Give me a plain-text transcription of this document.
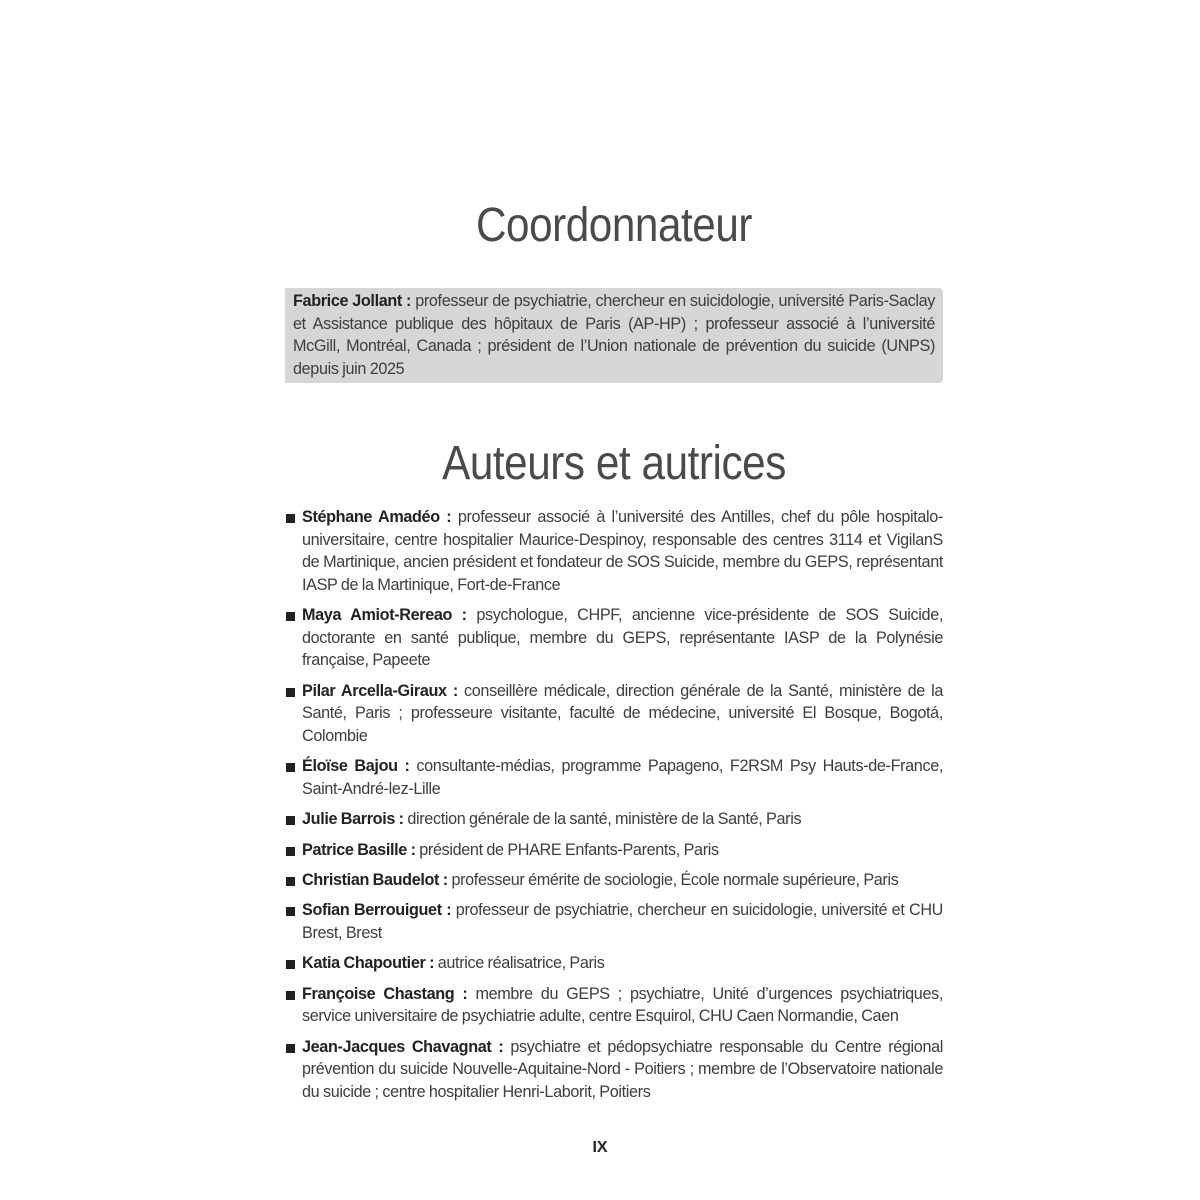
Coordonnateur
Fabrice Jollant : professeur de psychiatrie, chercheur en suicidologie, université Paris-Saclay et Assistance publique des hôpitaux de Paris (AP-HP) ; professeur associé à l’université McGill, Montréal, Canada ; président de l’Union nationale de prévention du suicide (UNPS) depuis juin 2025
Auteurs et autrices
Stéphane Amadéo : professeur associé à l’université des Antilles, chef du pôle hospitalo-universitaire, centre hospitalier Maurice-Despinoy, responsable des centres 3114 et VigilanS de Martinique, ancien président et fondateur de SOS Suicide, membre du GEPS, représentant IASP de la Martinique, Fort-de-France
Maya Amiot-Rereao : psychologue, CHPF, ancienne vice-présidente de SOS Suicide, doctorante en santé publique, membre du GEPS, représentante IASP de la Polynésie française, Papeete
Pilar Arcella-Giraux : conseillère médicale, direction générale de la Santé, ministère de la Santé, Paris ; professeure visitante, faculté de médecine, université El Bosque, Bogotá, Colombie
Éloïse Bajou : consultante-médias, programme Papageno, F2RSM Psy Hauts-de-France, Saint-André-lez-Lille
Julie Barrois : direction générale de la santé, ministère de la Santé, Paris
Patrice Basille : président de PHARE Enfants-Parents, Paris
Christian Baudelot : professeur émérite de sociologie, École normale supérieure, Paris
Sofian Berrouiguet : professeur de psychiatrie, chercheur en suicidologie, université et CHU Brest, Brest
Katia Chapoutier : autrice réalisatrice, Paris
Françoise Chastang : membre du GEPS ; psychiatre, Unité d’urgences psychiatriques, service universitaire de psychiatrie adulte, centre Esquirol, CHU Caen Normandie, Caen
Jean-Jacques Chavagnat : psychiatre et pédopsychiatre responsable du Centre régional prévention du suicide Nouvelle-Aquitaine-Nord - Poitiers ; membre de l’Observatoire nationale du suicide ; centre hospitalier Henri-Laborit, Poitiers
IX
